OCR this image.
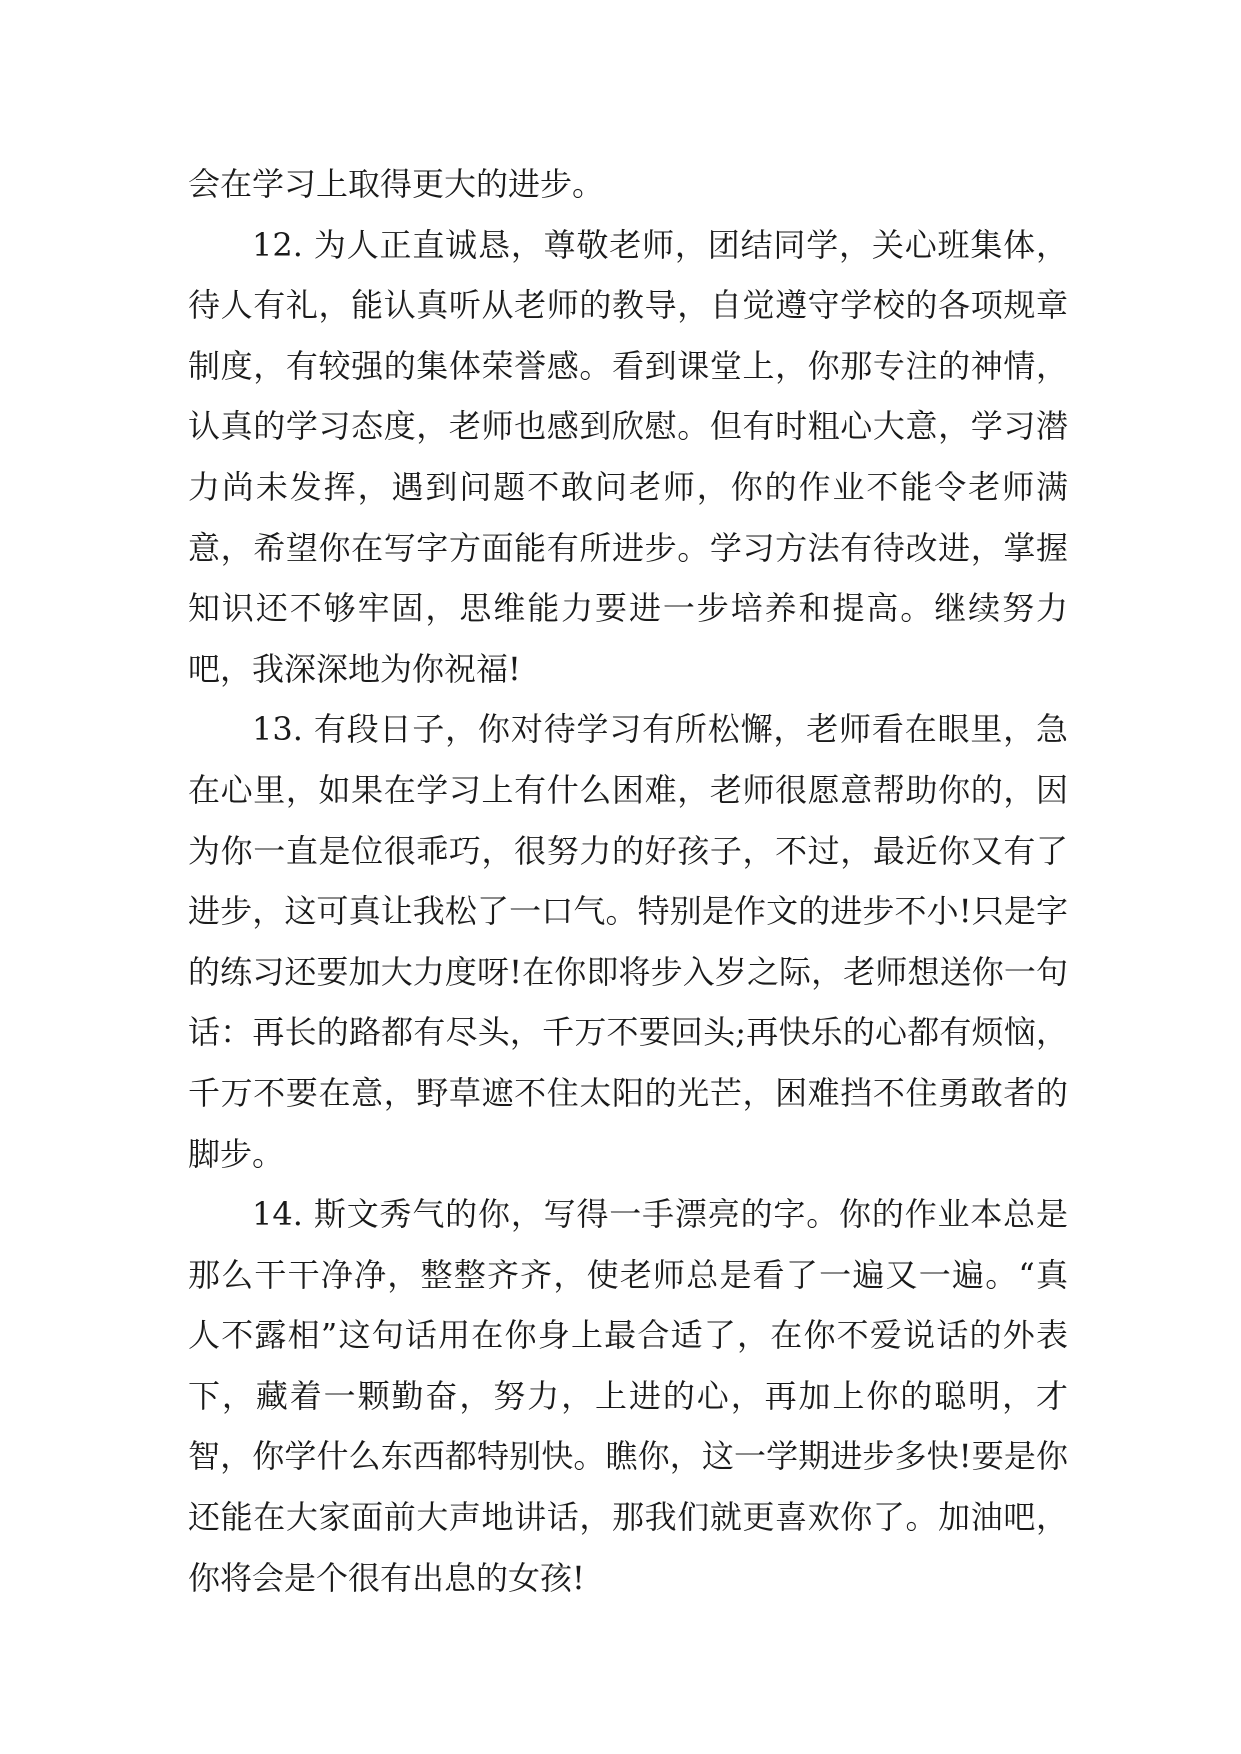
会在学习上取得更大的进步。

12. 为人正直诚恳，尊敬老师，团结同学，关心班集体，待人有礼，能认真听从老师的教导，自觉遵守学校的各项规章制度，有较强的集体荣誉感。看到课堂上，你那专注的神情，认真的学习态度，老师也感到欣慰。但有时粗心大意，学习潜力尚未发挥，遇到问题不敢问老师，你的作业不能令老师满意，希望你在写字方面能有所进步。学习方法有待改进，掌握知识还不够牢固，思维能力要进一步培养和提高。继续努力吧，我深深地为你祝福!

13. 有段日子，你对待学习有所松懈，老师看在眼里，急在心里，如果在学习上有什么困难，老师很愿意帮助你的，因为你一直是位很乖巧，很努力的好孩子，不过，最近你又有了进步，这可真让我松了一口气。特别是作文的进步不小!只是字的练习还要加大力度呀!在你即将步入岁之际，老师想送你一句话：再长的路都有尽头，千万不要回头;再快乐的心都有烦恼，千万不要在意，野草遮不住太阳的光芒，困难挡不住勇敢者的脚步。

14. 斯文秀气的你，写得一手漂亮的字。你的作业本总是那么干干净净，整整齐齐，使老师总是看了一遍又一遍。“真人不露相”这句话用在你身上最合适了，在你不爱说话的外表下，藏着一颗勤奋，努力，上进的心，再加上你的聪明，才智，你学什么东西都特别快。瞧你，这一学期进步多快!要是你还能在大家面前大声地讲话，那我们就更喜欢你了。加油吧，你将会是个很有出息的女孩!
